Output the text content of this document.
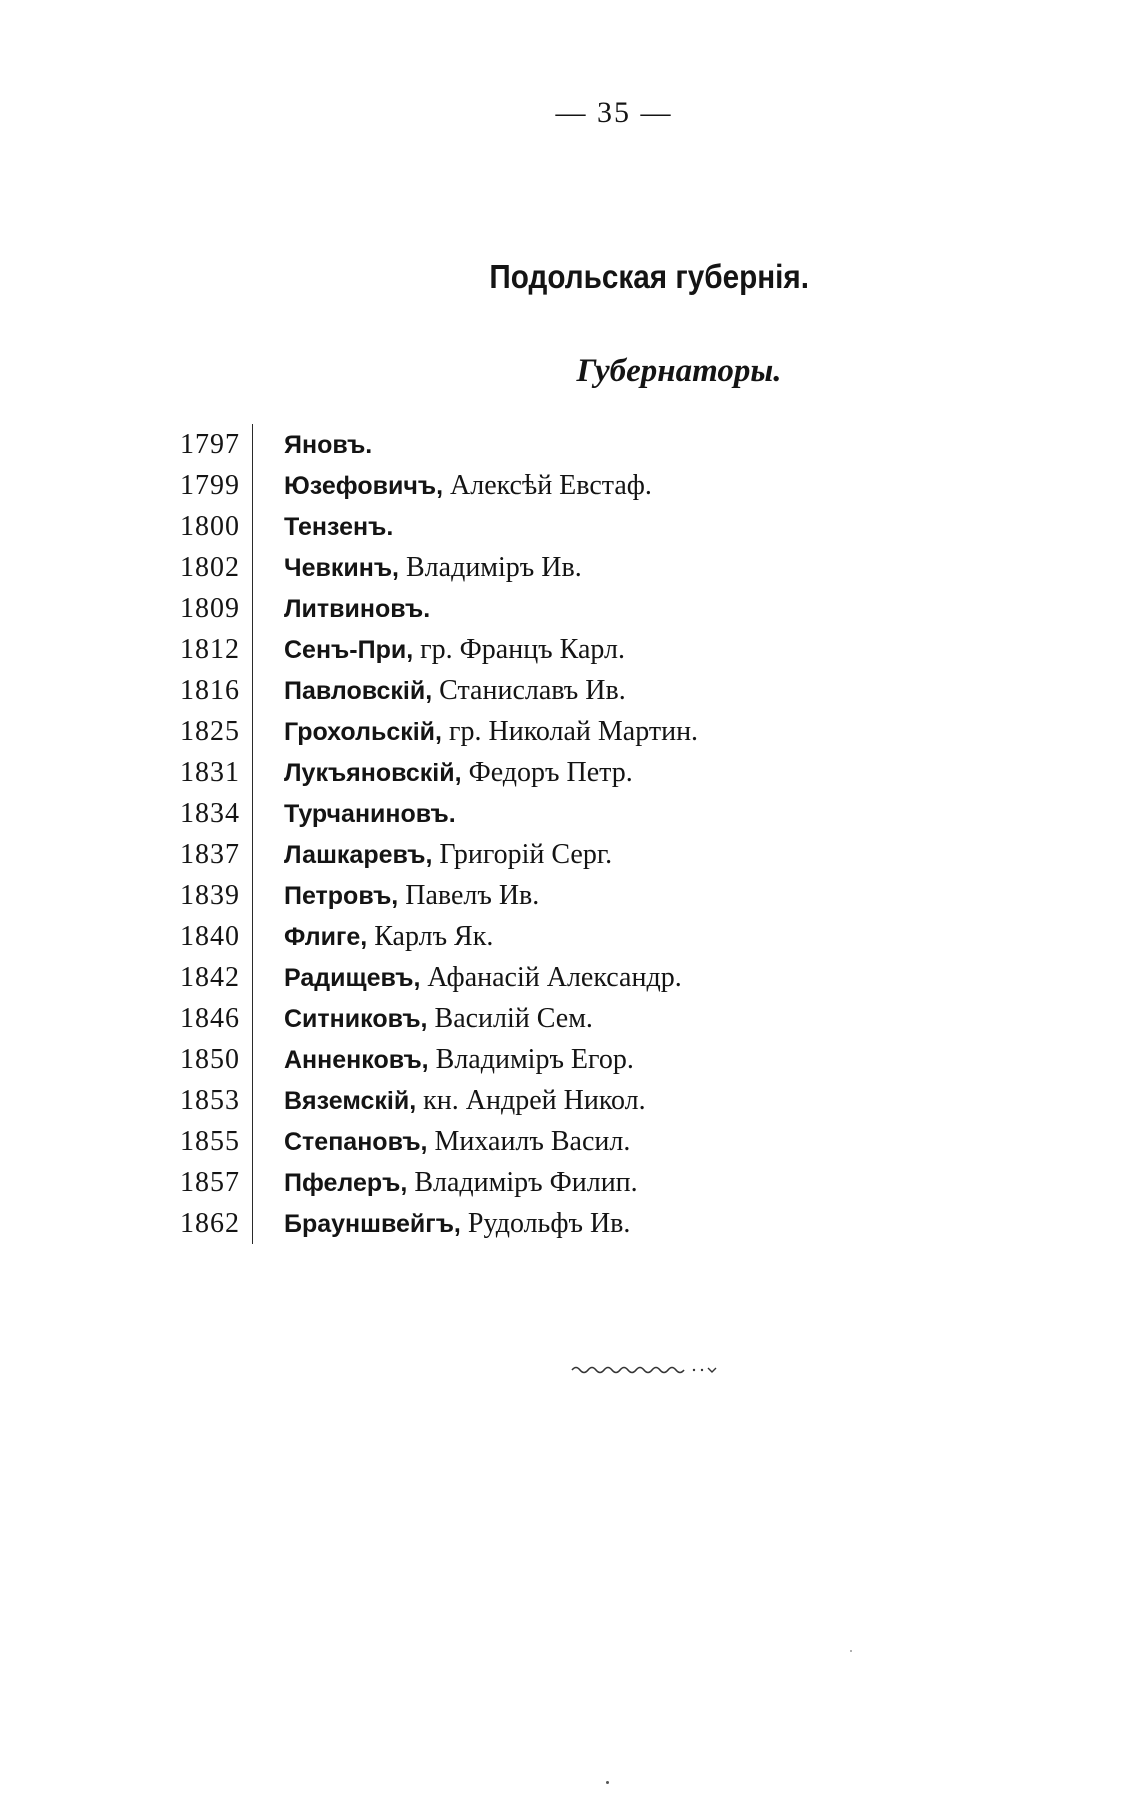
— 35 —
Подольская губернія.
Губернаторы.
1797 Яновъ.
1799 Юзефовичъ, Алексѣй Евстаф.
1800 Тензенъ.
1802 Чевкинъ, Владиміръ Ив.
1809 Литвиновъ.
1812 Сенъ-При, гр. Францъ Карл.
1816 Павловскій, Станиславъ Ив.
1825 Грохольскій, гр. Николай Мартин.
1831 Лукъяновскій, Федоръ Петр.
1834 Турчаниновъ.
1837 Лашкаревъ, Григорій Серг.
1839 Петровъ, Павелъ Ив.
1840 Флиге, Карлъ Як.
1842 Радищевъ, Афанасій Александр.
1846 Ситниковъ, Василій Сем.
1850 Анненковъ, Владиміръ Егор.
1853 Вяземскій, кн. Андрей Никол.
1855 Степановъ, Михаилъ Васил.
1857 Пфелеръ, Владиміръ Филип.
1862 Брауншвейгъ, Рудольфъ Ив.
